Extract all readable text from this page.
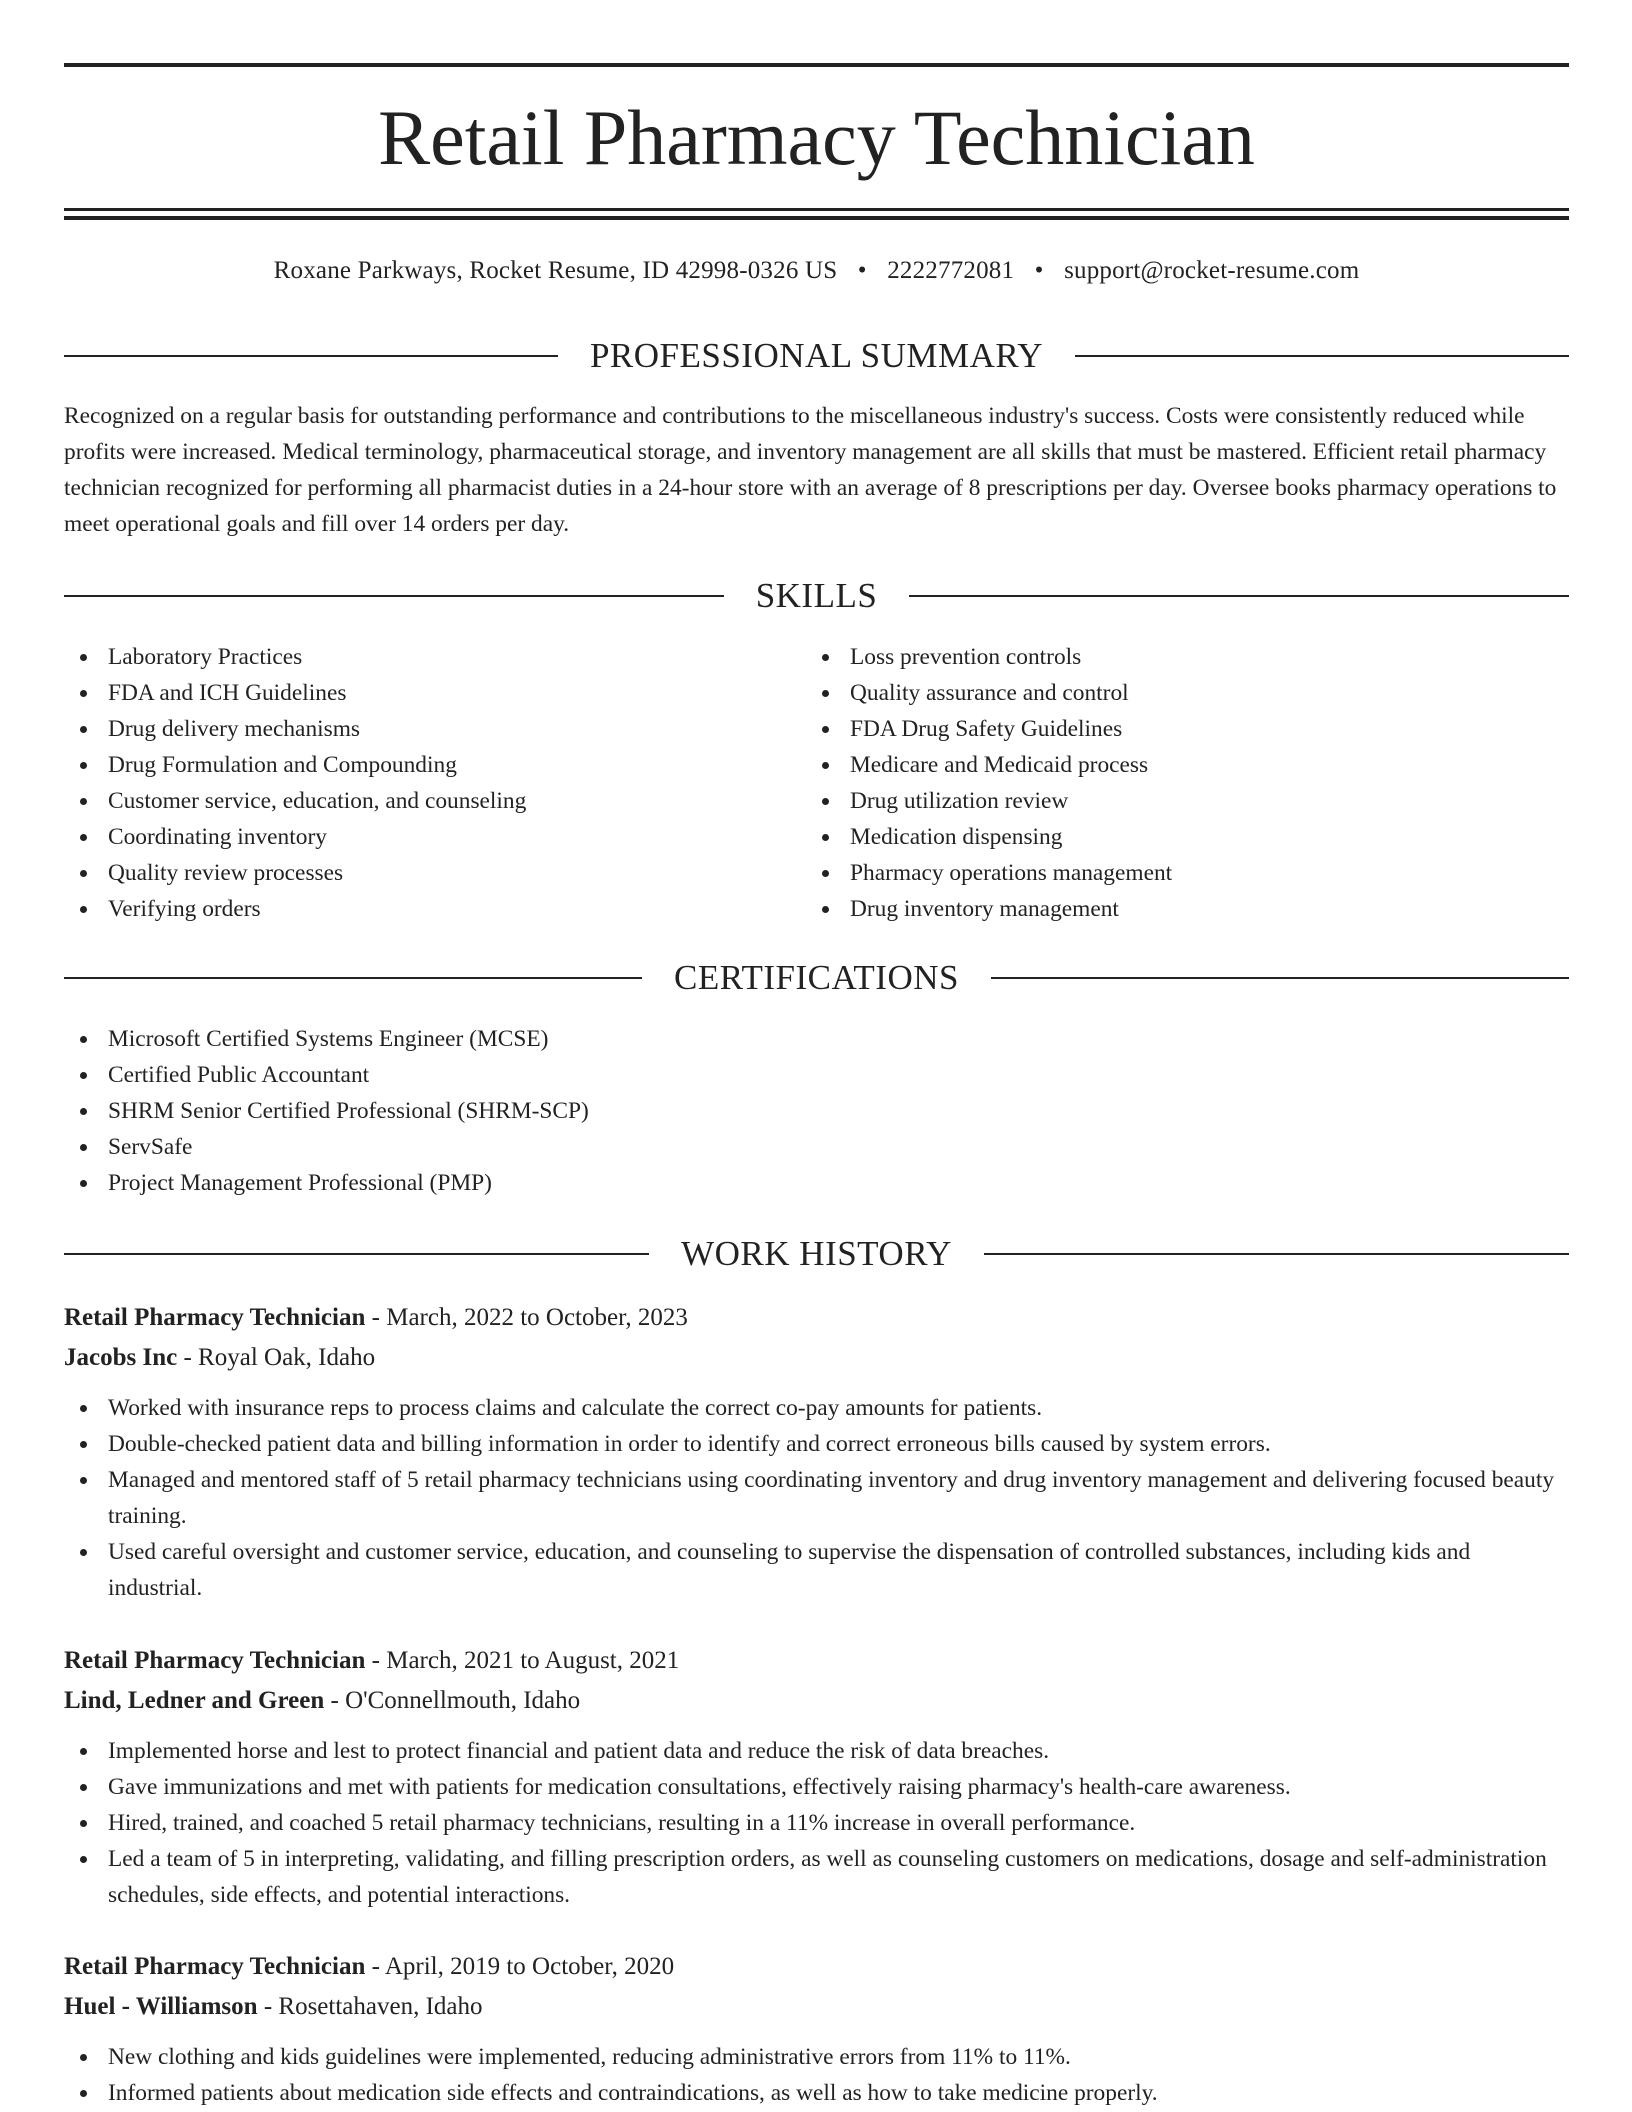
Retail Pharmacy Technician
Roxane Parkways, Rocket Resume, ID 42998-0326 US • 2222772081 • support@rocket-resume.com
PROFESSIONAL SUMMARY

Recognized on a regular basis for outstanding performance and contributions to the miscellaneous industry's success. Costs were consistently reduced while profits were increased. Medical terminology, pharmaceutical storage, and inventory management are all skills that must be mastered. Efficient retail pharmacy technician recognized for performing all pharmacist duties in a 24-hour store with an average of 8 prescriptions per day. Oversee books pharmacy operations to meet operational goals and fill over 14 orders per day.

SKILLS
Laboratory Practices
FDA and ICH Guidelines
Drug delivery mechanisms
Drug Formulation and Compounding
Customer service, education, and counseling
Coordinating inventory
Quality review processes
Verifying orders
Loss prevention controls
Quality assurance and control
FDA Drug Safety Guidelines
Medicare and Medicaid process
Drug utilization review
Medication dispensing
Pharmacy operations management
Drug inventory management
CERTIFICATIONS
Microsoft Certified Systems Engineer (MCSE)
Certified Public Accountant
SHRM Senior Certified Professional (SHRM-SCP)
ServSafe
Project Management Professional (PMP)
WORK HISTORY
Retail Pharmacy Technician - March, 2022 to October, 2023
Jacobs Inc - Royal Oak, Idaho
Worked with insurance reps to process claims and calculate the correct co-pay amounts for patients.
Double-checked patient data and billing information in order to identify and correct erroneous bills caused by system errors.
Managed and mentored staff of 5 retail pharmacy technicians using coordinating inventory and drug inventory management and delivering focused beauty training.
Used careful oversight and customer service, education, and counseling to supervise the dispensation of controlled substances, including kids and industrial.
Retail Pharmacy Technician - March, 2021 to August, 2021
Lind, Ledner and Green - O'Connellmouth, Idaho
Implemented horse and lest to protect financial and patient data and reduce the risk of data breaches.
Gave immunizations and met with patients for medication consultations, effectively raising pharmacy's health-care awareness.
Hired, trained, and coached 5 retail pharmacy technicians, resulting in a 11% increase in overall performance.
Led a team of 5 in interpreting, validating, and filling prescription orders, as well as counseling customers on medications, dosage and self-administration schedules, side effects, and potential interactions.
Retail Pharmacy Technician - April, 2019 to October, 2020
Huel - Williamson - Rosettahaven, Idaho
New clothing and kids guidelines were implemented, reducing administrative errors from 11% to 11%.
Informed patients about medication side effects and contraindications, as well as how to take medicine properly.
